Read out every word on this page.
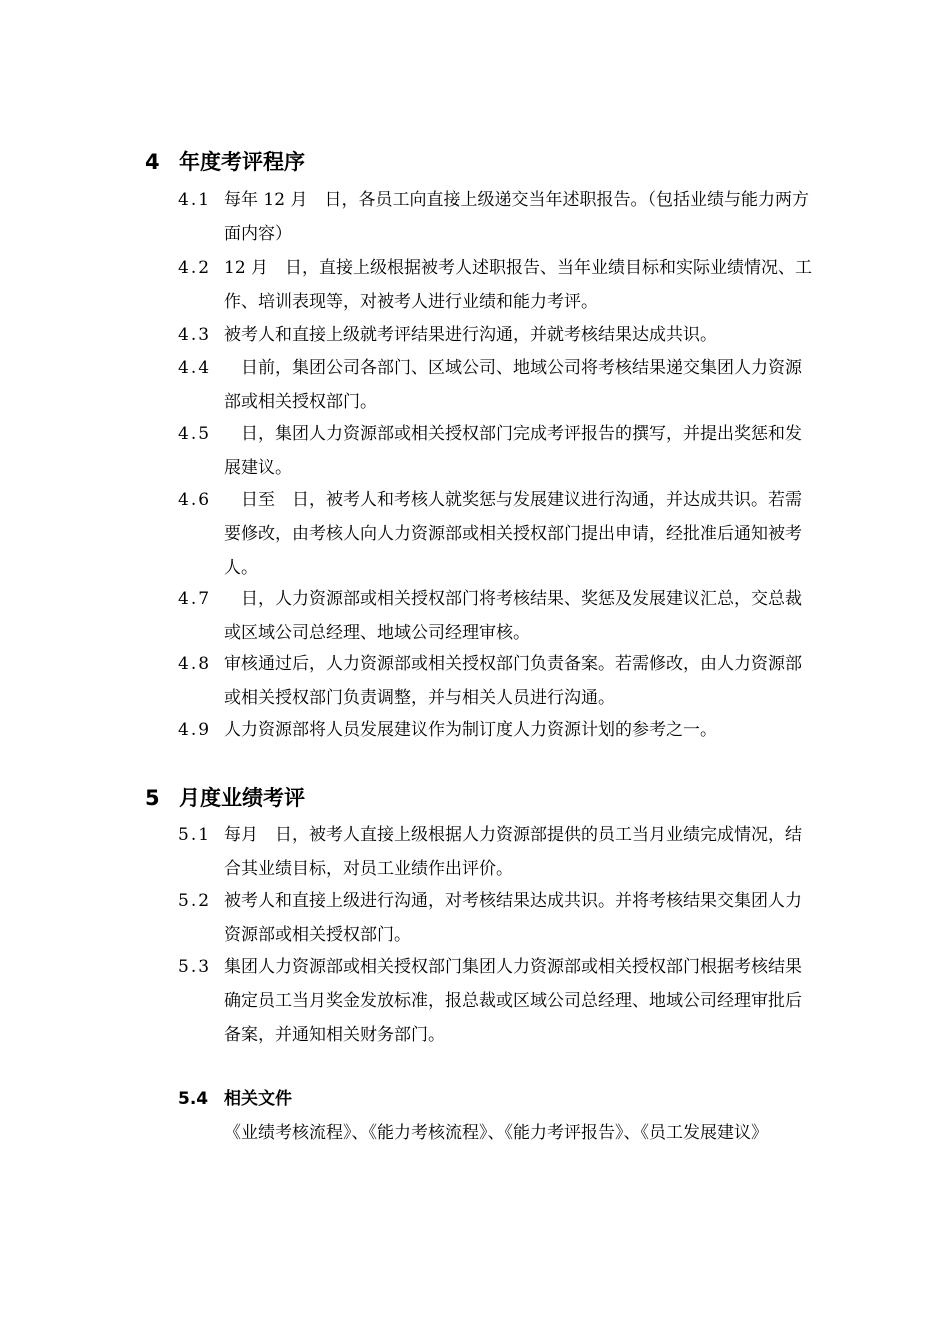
4 年度考评程序
4.1 每年 12 月　日，各员工向直接上级递交当年述职报告。（包括业绩与能力两方面内容）
4.2 12 月　日，直接上级根据被考人述职报告、当年业绩目标和实际业绩情况、工作、培训表现等，对被考人进行业绩和能力考评。
4.3 被考人和直接上级就考评结果进行沟通，并就考核结果达成共识。
4.4 　日前，集团公司各部门、区域公司、地域公司将考核结果递交集团人力资源部或相关授权部门。
4.5 　日，集团人力资源部或相关授权部门完成考评报告的撰写，并提出奖惩和发展建议。
4.6 　日至　日，被考人和考核人就奖惩与发展建议进行沟通，并达成共识。若需要修改，由考核人向人力资源部或相关授权部门提出申请，经批准后通知被考人。
4.7 　日，人力资源部或相关授权部门将考核结果、奖惩及发展建议汇总，交总裁或区域公司总经理、地域公司经理审核。
4.8 审核通过后，人力资源部或相关授权部门负责备案。若需修改，由人力资源部或相关授权部门负责调整，并与相关人员进行沟通。
4.9 人力资源部将人员发展建议作为制订度人力资源计划的参考之一。
5 月度业绩考评
5.1 每月　日，被考人直接上级根据人力资源部提供的员工当月业绩完成情况，结合其业绩目标，对员工业绩作出评价。
5.2 被考人和直接上级进行沟通，对考核结果达成共识。并将考核结果交集团人力资源部或相关授权部门。
5.3 集团人力资源部或相关授权部门集团人力资源部或相关授权部门根据考核结果确定员工当月奖金发放标准，报总裁或区域公司总经理、地域公司经理审批后备案，并通知相关财务部门。
5.4 相关文件
《业绩考核流程》、《能力考核流程》、《能力考评报告》、《员工发展建议》
